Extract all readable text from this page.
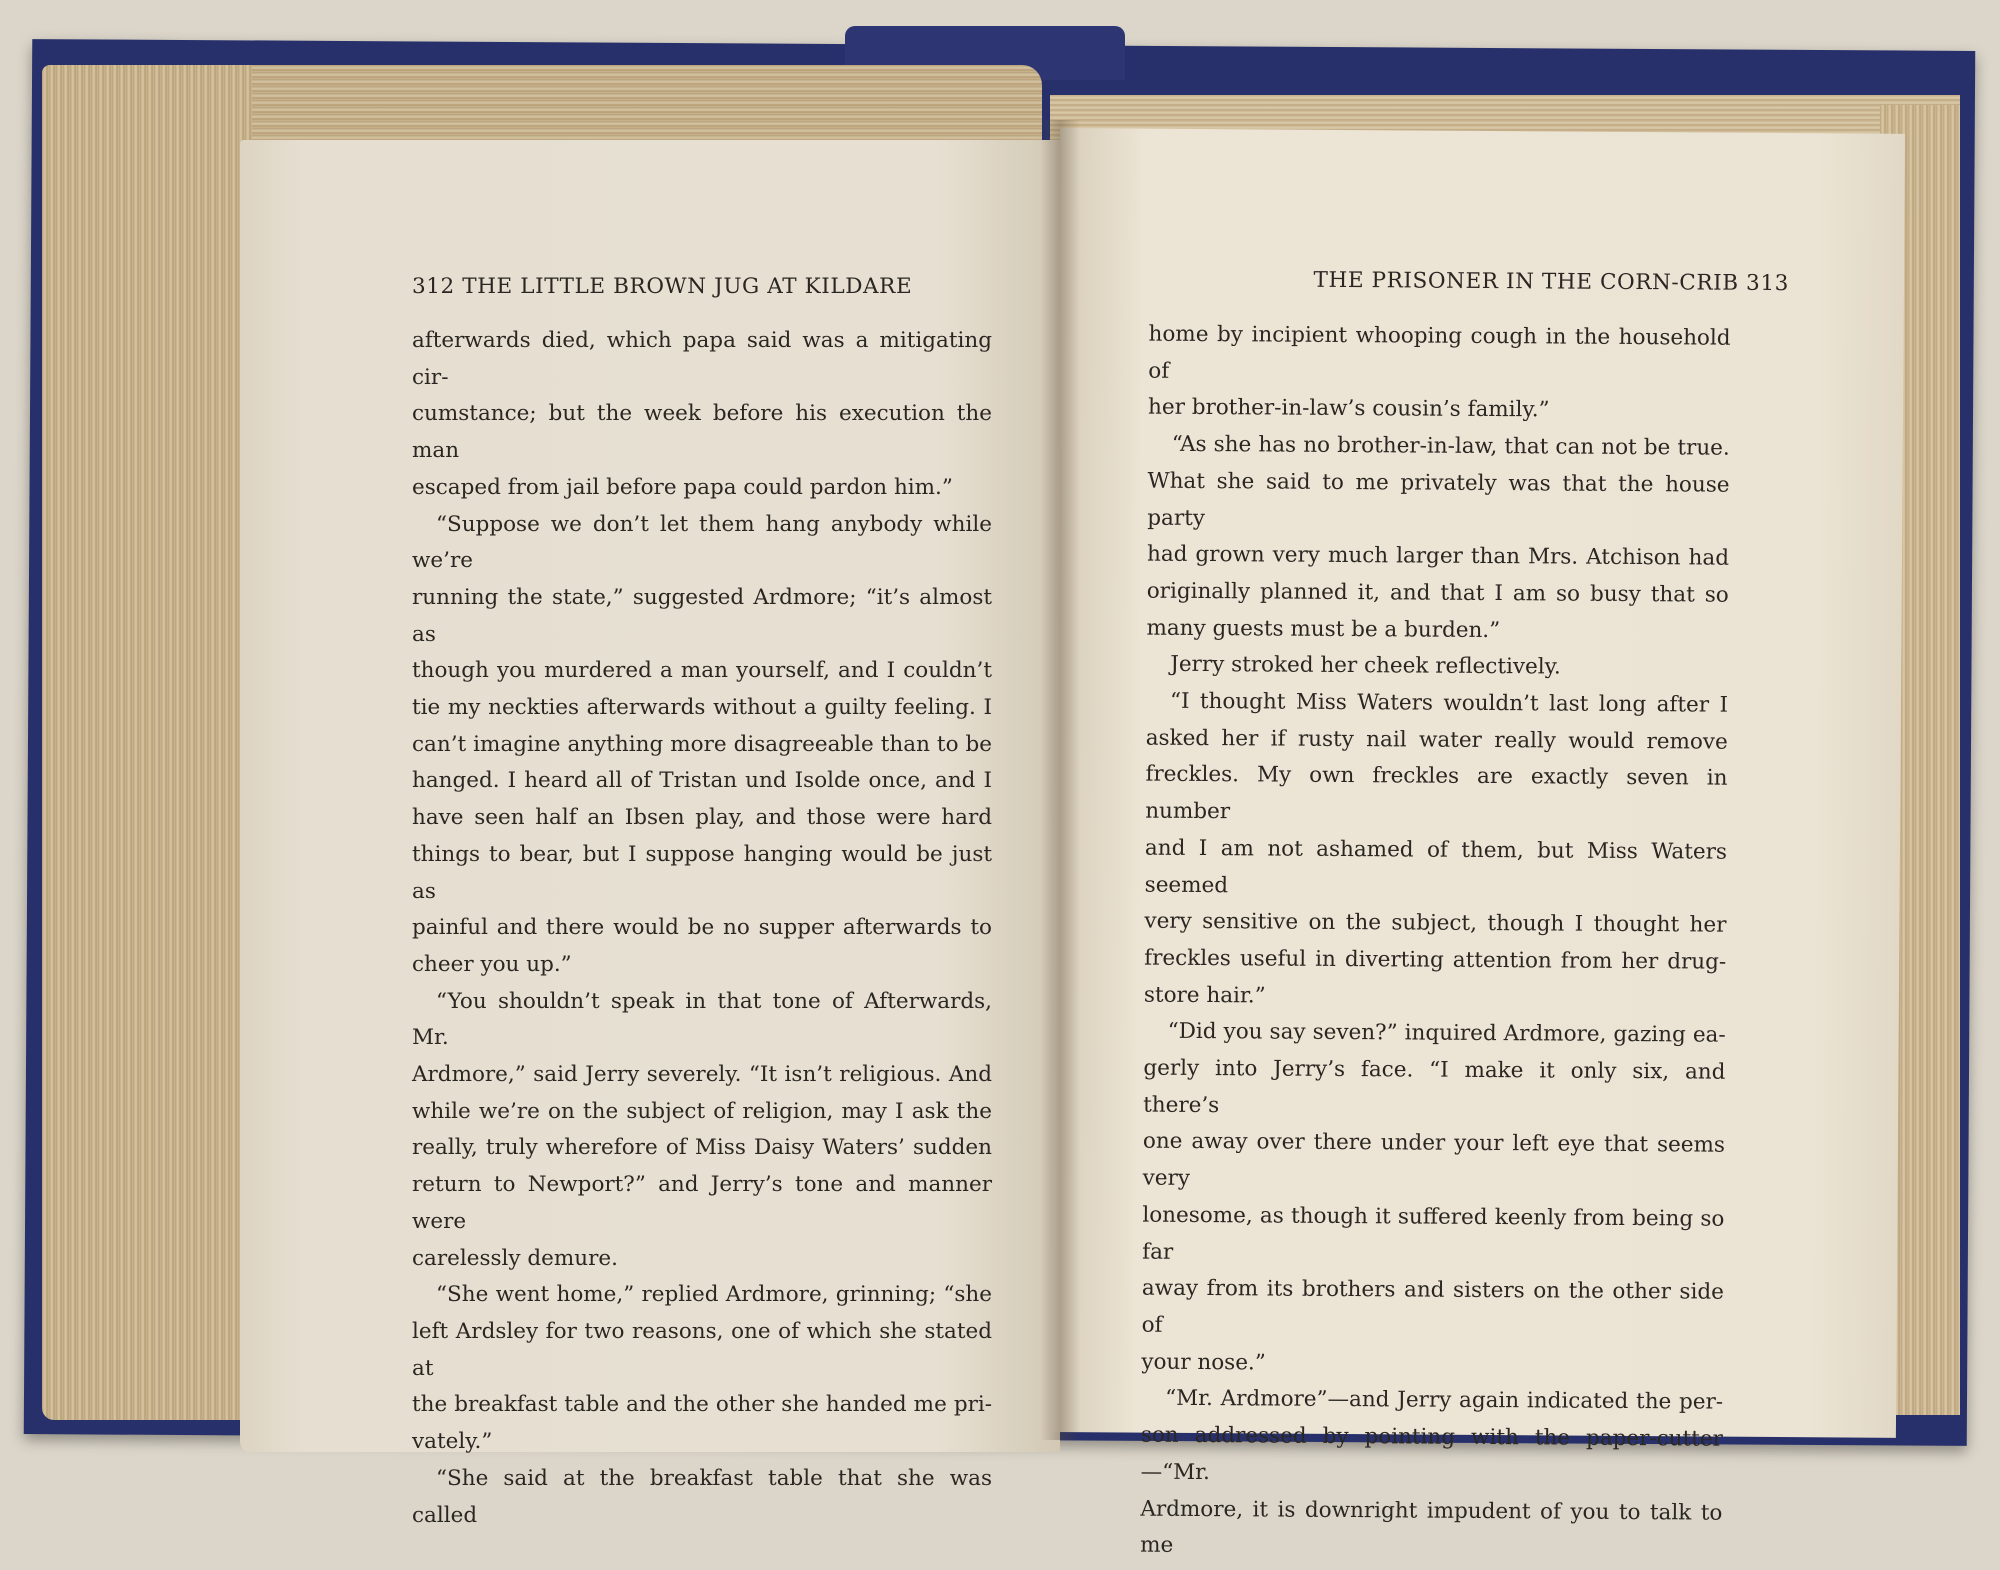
312 THE LITTLE BROWN JUG AT KILDARE

afterwards died, which papa said was a mitigating cir-

cumstance; but the week before his execution the man

escaped from jail before papa could pardon him.”

“Suppose we don’t let them hang anybody while we’re

running the state,” suggested Ardmore; “it’s almost as

though you murdered a man yourself, and I couldn’t

tie my neckties afterwards without a guilty feeling. I

can’t imagine anything more disagreeable than to be

hanged. I heard all of Tristan und Isolde once, and I

have seen half an Ibsen play, and those were hard

things to bear, but I suppose hanging would be just as

painful and there would be no supper afterwards to

cheer you up.”

“You shouldn’t speak in that tone of Afterwards, Mr.

Ardmore,” said Jerry severely. “It isn’t religious. And

while we’re on the subject of religion, may I ask the

really, truly wherefore of Miss Daisy Waters’ sudden

return to Newport?” and Jerry’s tone and manner were

carelessly demure.

“She went home,” replied Ardmore, grinning; “she

left Ardsley for two reasons, one of which she stated at

the breakfast table and the other she handed me pri-

vately.”

“She said at the breakfast table that she was called

THE PRISONER IN THE CORN-CRIB 313

home by incipient whooping cough in the household of

her brother-in-law’s cousin’s family.”

“As she has no brother-in-law, that can not be true.

What she said to me privately was that the house party

had grown very much larger than Mrs. Atchison had

originally planned it, and that I am so busy that so

many guests must be a burden.”

Jerry stroked her cheek reflectively.

“I thought Miss Waters wouldn’t last long after I

asked her if rusty nail water really would remove

freckles. My own freckles are exactly seven in number

and I am not ashamed of them, but Miss Waters seemed

very sensitive on the subject, though I thought her

freckles useful in diverting attention from her drug-

store hair.”

“Did you say seven?” inquired Ardmore, gazing ea-

gerly into Jerry’s face. “I make it only six, and there’s

one away over there under your left eye that seems very

lonesome, as though it suffered keenly from being so far

away from its brothers and sisters on the other side of

your nose.”

“Mr. Ardmore”—and Jerry again indicated the per-

son addressed by pointing with the paper-cutter—“Mr.

Ardmore, it is downright impudent of you to talk to me
